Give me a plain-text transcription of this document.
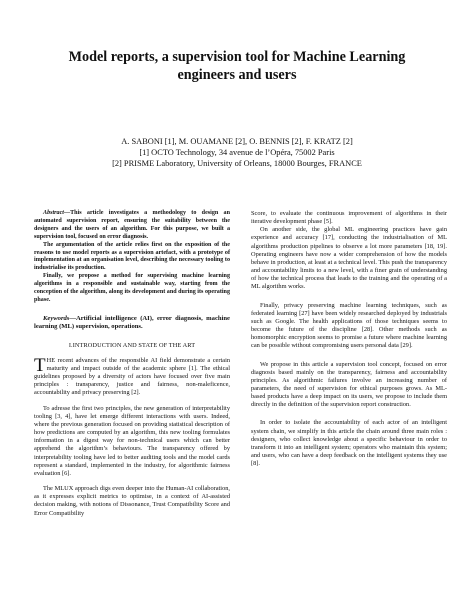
Model reports, a supervision tool for Machine Learning engineers and users
A. SABONI [1], M. OUAMANE [2], O. BENNIS [2], F. KRATZ [2]
[1] OCTO Technology, 34 avenue de l’Opéra, 75002 Paris
[2] PRISME Laboratory, University of Orleans, 18000 Bourges, FRANCE

Abstract—This article investigates a methodology to design an automated supervision report, ensuring the suitability between the designers and the users of an algorithm. For this purpose, we built a supervision tool, focused on error diagnosis.

The argumentation of the article relies first on the exposition of the reasons to use model reports as a supervision artefact, with a prototype of implementation at an organisation level, describing the necessary tooling to industrialise its production.

Finally, we propose a method for supervising machine learning algorithms in a responsible and sustainable way, starting from the conception of the algorithm, along its development and during its operating phase.

Keywords—Artificial intelligence (AI), error diagnosis, machine learning (ML) supervision, operations.

I.INTRODUCTION AND STATE OF THE ART

THE recent advances of the responsible AI field demonstrate a certain maturity and impact outside of the academic sphere [1]. The ethical guidelines proposed by a diversity of actors have focused over five main principles : transparency, justice and fairness, non-maleficence, accountability and privacy preserving [2].

To adresse the first two principles, the new generation of interpretability tooling [3, 4], have let emerge different interactions with users. Indeed, where the previous generation focused on providing statistical description of how predictions are computed by an algorithm, this new tooling formulates information in a digest way for non-technical users which can better apprehend the algorithm’s behaviours. The transparency offered by interpretability tooling have led to better auditing tools and the model cards represent a standard, implemented in the industry, for algorithmic fairness evaluation [6].

The MLUX approach digs even deeper into the Human-AI collaboration, as it expresses explicit metrics to optimise, in a context of AI-assisted decision making, with notions of Dissonance, Trust Compatibility Score and Error Compatibility

Score, to evaluate the continuous improvement of algorithms in their iterative development phase [5].

On another side, the global ML engineering practices have gain experience and accuracy [17], conducting the industrialisation of ML algorithms production pipelines to observe a lot more parameters [18, 19]. Operating engineers have now a wider comprehension of how the models behave in production, at least at a technical level. This push the transparency and accountability limits to a new level, with a finer grain of understanding of how the technical process that leads to the training and the operating of a ML algorithm works.

Finally, privacy preserving machine learning techniques, such as federated learning [27] have been widely researched deployed by industrials such as Google. The health applications of those techniques seems to become the future of the discipline [28]. Other methods such as homomorphic encryption seems to promise a future where machine learning can be possible without compromising users personal data [29].

We propose in this article a supervision tool concept, focused on error diagnosis based mainly on the transparency, fairness and accountability principles. As algorithmic failures involve an increasing number of parameters, the need of supervision for ethical purposes grows. As ML-based products have a deep impact on its users, we propose to include them directly in the definition of the supervision report construction.

In order to isolate the accountability of each actor of an intelligent system chain, we simplify in this article the chain around three main roles : designers, who collect knowledge about a specific behaviour in order to transform it into an intelligent system; operators who maintain this system; and users, who can have a deep feedback on the intelligent systems they use [8].
